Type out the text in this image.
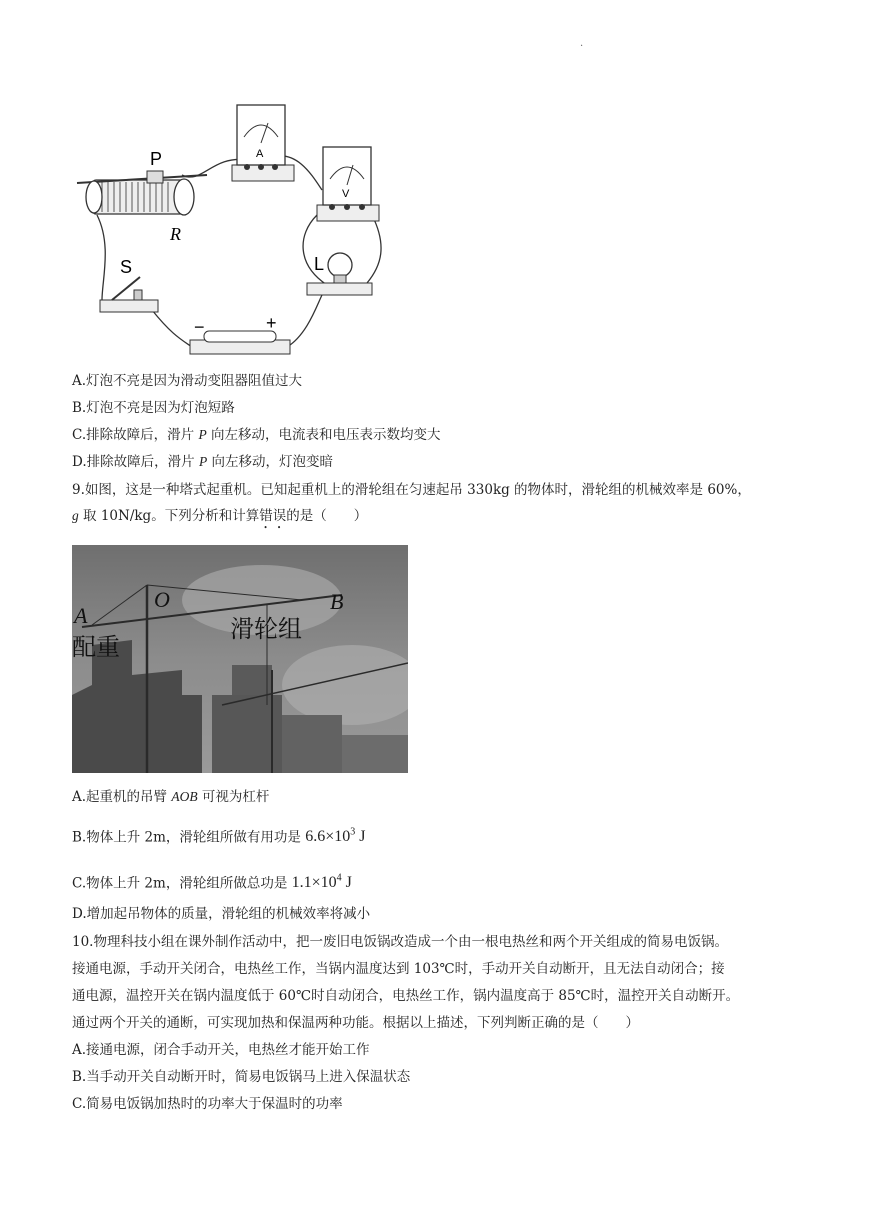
.
P
R
A
V
L
S
−	+
A.灯泡不亮是因为滑动变阻器阻值过大
B.灯泡不亮是因为灯泡短路
C.排除故障后，滑片 P 向左移动，电流表和电压表示数均变大
D.排除故障后，滑片 P 向左移动，灯泡变暗
9.如图，这是一种塔式起重机。已知起重机上的滑轮组在匀速起吊 330kg 的物体时，滑轮组的机械效率是 60%，
g 取 10N/kg。下列分析和计算错误的是（　　）
A
O	B
配重
滑轮组
A.起重机的吊臂 AOB 可视为杠杆
B.物体上升 2m，滑轮组所做有用功是 $6.6\times 10^3$ J
C.物体上升 2m，滑轮组所做总功是 $1.1\times 10^4$ J
D.增加起吊物体的质量，滑轮组的机械效率将减小
10.物理科技小组在课外制作活动中，把一废旧电饭锅改造成一个由一根电热丝和两个开关组成的简易电饭锅。
接通电源，手动开关闭合，电热丝工作，当锅内温度达到 103℃时，手动开关自动断开，且无法自动闭合；接
通电源，温控开关在锅内温度低于 60℃时自动闭合，电热丝工作，锅内温度高于 85℃时，温控开关自动断开。
通过两个开关的通断，可实现加热和保温两种功能。根据以上描述，下列判断正确的是（　　）
A.接通电源，闭合手动开关，电热丝才能开始工作
B.当手动开关自动断开时，简易电饭锅马上进入保温状态
C.简易电饭锅加热时的功率大于保温时的功率
